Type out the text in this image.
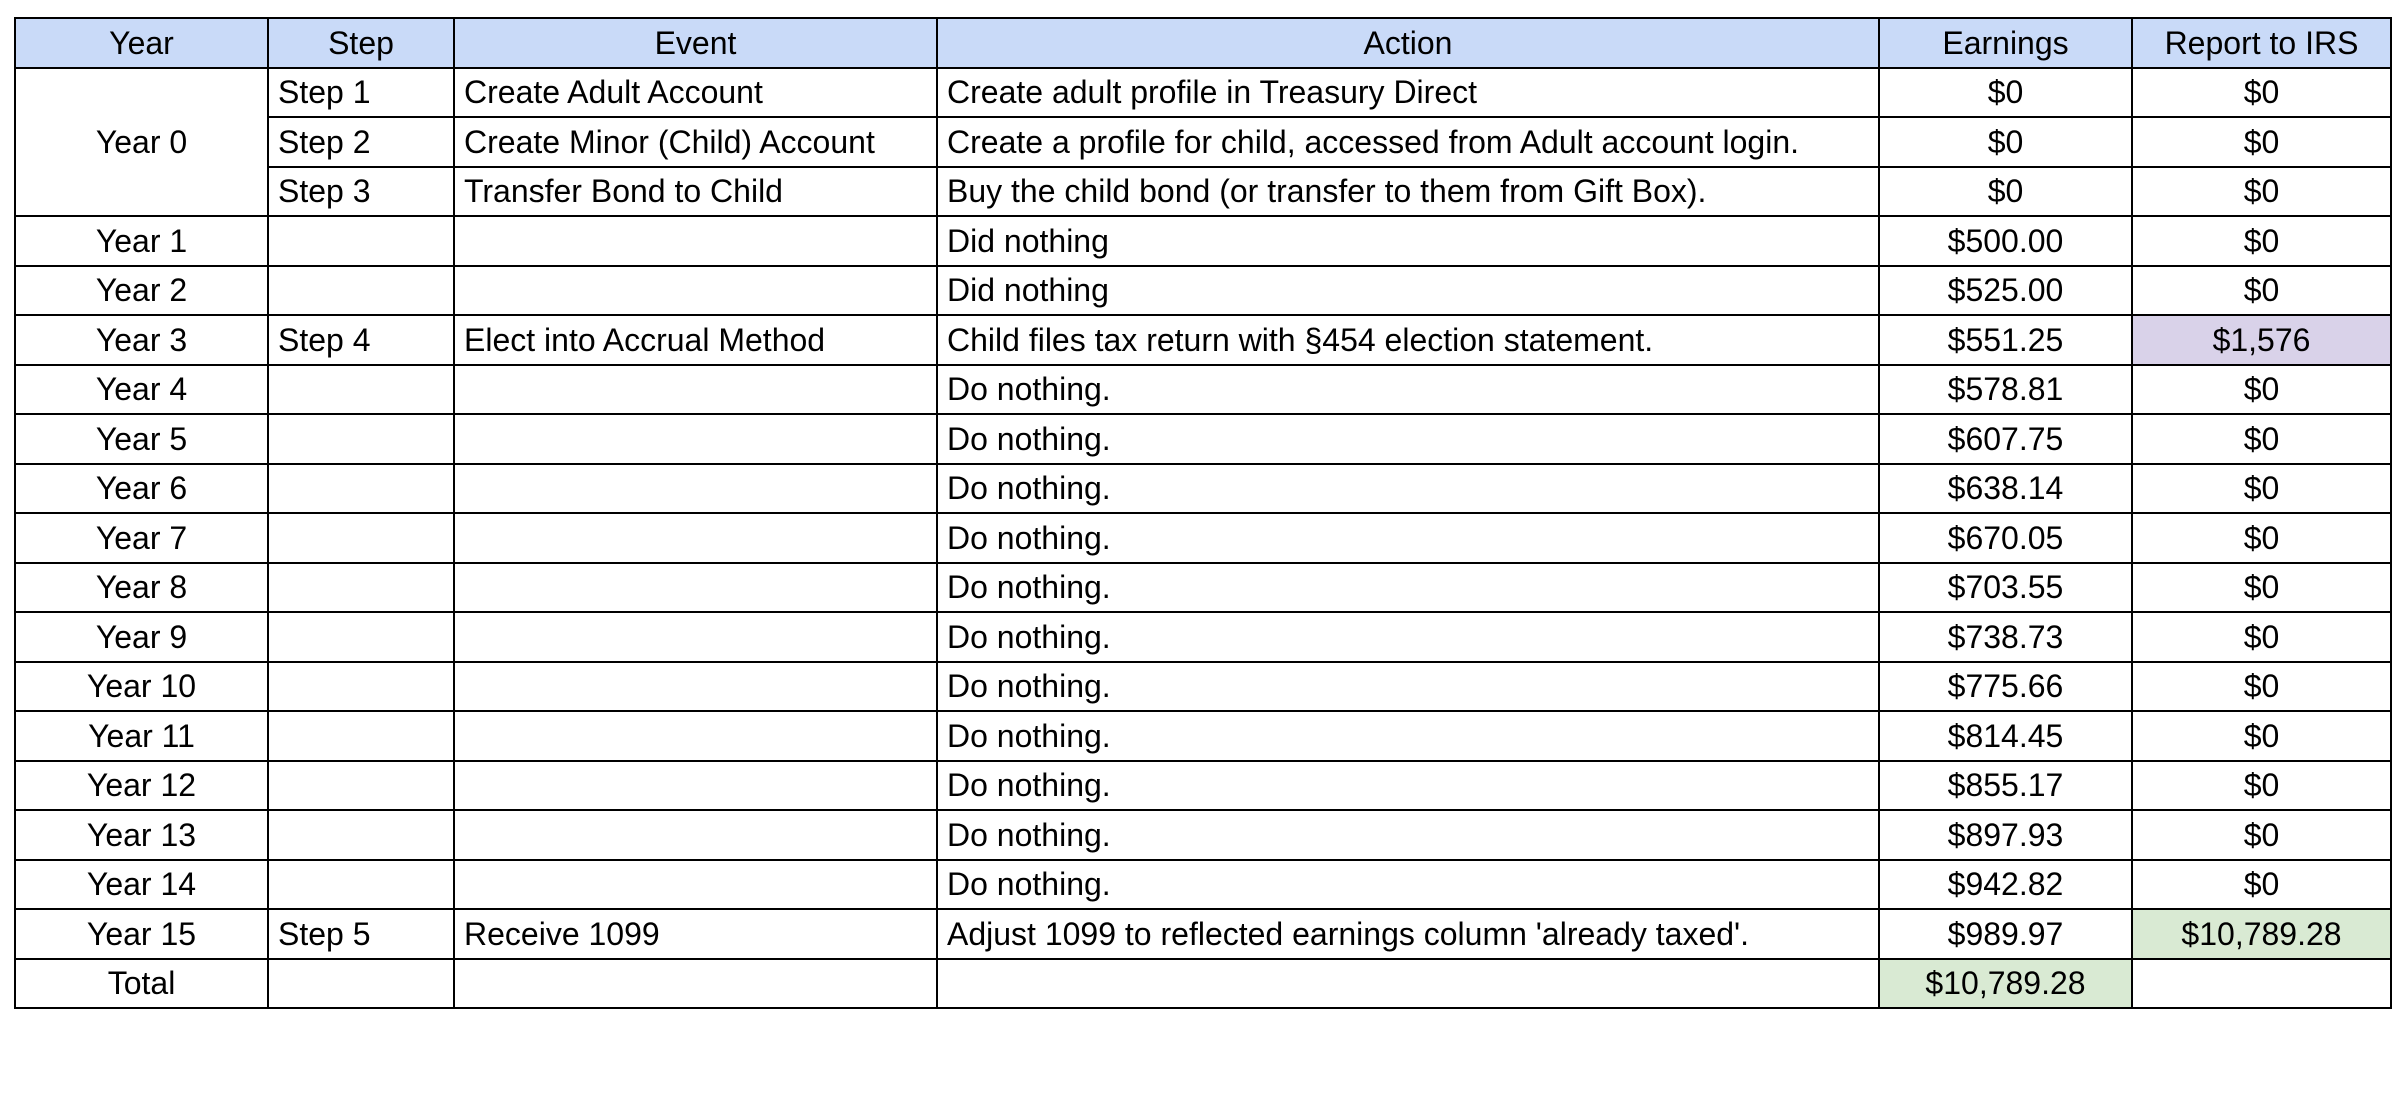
Year	Step	Event	Action	Earnings	Report to IRS
Year 0	Step 1	Create Adult Account	Create adult profile in Treasury Direct	$0	$0
	Step 2	Create Minor (Child) Account	Create a profile for child, accessed from Adult account login.	$0	$0
	Step 3	Transfer Bond to Child	Buy the child bond (or transfer to them from Gift Box).	$0	$0
Year 1			Did nothing	$500.00	$0
Year 2			Did nothing	$525.00	$0
Year 3	Step 4	Elect into Accrual Method	Child files tax return with §454 election statement.	$551.25	$1,576
Year 4			Do nothing.	$578.81	$0
Year 5			Do nothing.	$607.75	$0
Year 6			Do nothing.	$638.14	$0
Year 7			Do nothing.	$670.05	$0
Year 8			Do nothing.	$703.55	$0
Year 9			Do nothing.	$738.73	$0
Year 10			Do nothing.	$775.66	$0
Year 11			Do nothing.	$814.45	$0
Year 12			Do nothing.	$855.17	$0
Year 13			Do nothing.	$897.93	$0
Year 14			Do nothing.	$942.82	$0
Year 15	Step 5	Receive 1099	Adjust 1099 to reflected earnings column 'already taxed'.	$989.97	$10,789.28
Total				$10,789.28	
